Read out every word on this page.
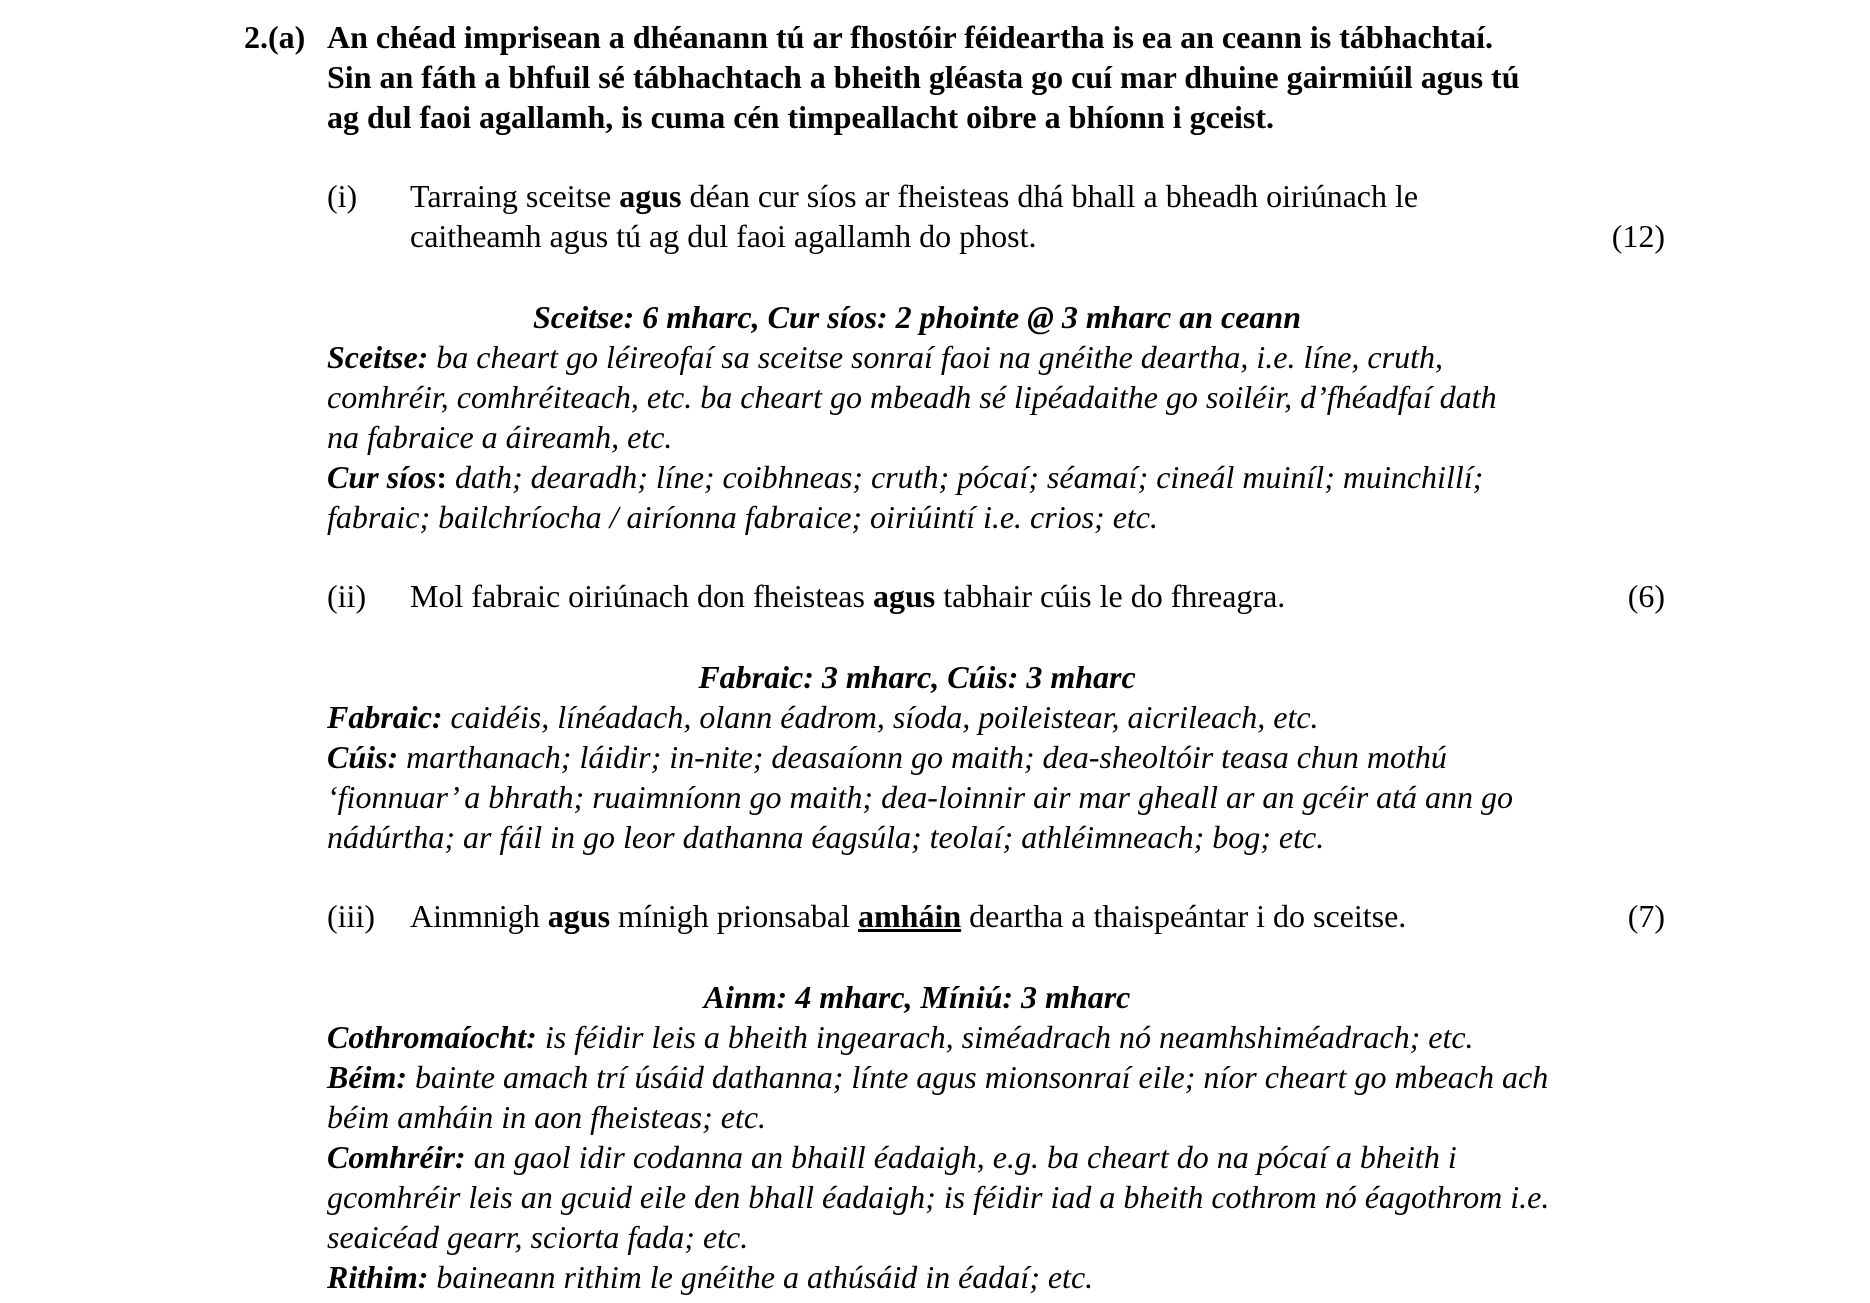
2.(a) An chéad imprisean a dhéanann tú ar fhostóir féideartha is ea an ceann is tábhachtaí.
Sin an fáth a bhfuil sé tábhachtach a bheith gléasta go cuí mar dhuine gairmiúil agus tú
ag dul faoi agallamh, is cuma cén timpeallacht oibre a bhíonn i gceist.
(i) Tarraing sceitse agus déan cur síos ar fheisteas dhá bhall a bheadh oiriúnach le
caitheamh agus tú ag dul faoi agallamh do phost.	(12)
Sceitse: 6 mharc, Cur síos: 2 phointe @ 3 mharc an ceann
Sceitse: ba cheart go léireofaí sa sceitse sonraí faoi na gnéithe deartha, i.e. líne, cruth,
comhréir, comhréiteach, etc. ba cheart go mbeadh sé lipéadaithe go soiléir, d’fhéadfaí dath
na fabraice a áireamh, etc.
Cur síos: dath; dearadh; líne; coibhneas; cruth; pócaí; séamaí; cineál muiníl; muinchillí;
fabraic; bailchríocha / airíonna fabraice; oiriúintí i.e. crios; etc.
(ii) Mol fabraic oiriúnach don fheisteas agus tabhair cúis le do fhreagra.	(6)
Fabraic: 3 mharc, Cúis: 3 mharc
Fabraic: caidéis, línéadach, olann éadrom, síoda, poileistear, aicrileach, etc.
Cúis: marthanach; láidir; in-nite; deasaíonn go maith; dea-sheoltóir teasa chun mothú
‘fionnuar’ a bhrath; ruaimníonn go maith; dea-loinnir air mar gheall ar an gcéir atá ann go
nádúrtha; ar fáil in go leor dathanna éagsúla; teolaí; athléimneach; bog; etc.
(iii) Ainmnigh agus mínigh prionsabal amháin deartha a thaispeántar i do sceitse.	(7)
Ainm: 4 mharc, Míniú: 3 mharc
Cothromaíocht: is féidir leis a bheith ingearach, siméadrach nó neamhshiméadrach; etc.
Béim: bainte amach trí úsáid dathanna; línte agus mionsonraí eile; níor cheart go mbeach ach
béim amháin in aon fheisteas; etc.
Comhréir: an gaol idir codanna an bhaill éadaigh, e.g. ba cheart do na pócaí a bheith i
gcomhréir leis an gcuid eile den bhall éadaigh; is féidir iad a bheith cothrom nó éagothrom i.e.
seaicéad gearr, sciorta fada; etc.
Rithim: baineann rithim le gnéithe a athúsáid in éadaí; etc.
